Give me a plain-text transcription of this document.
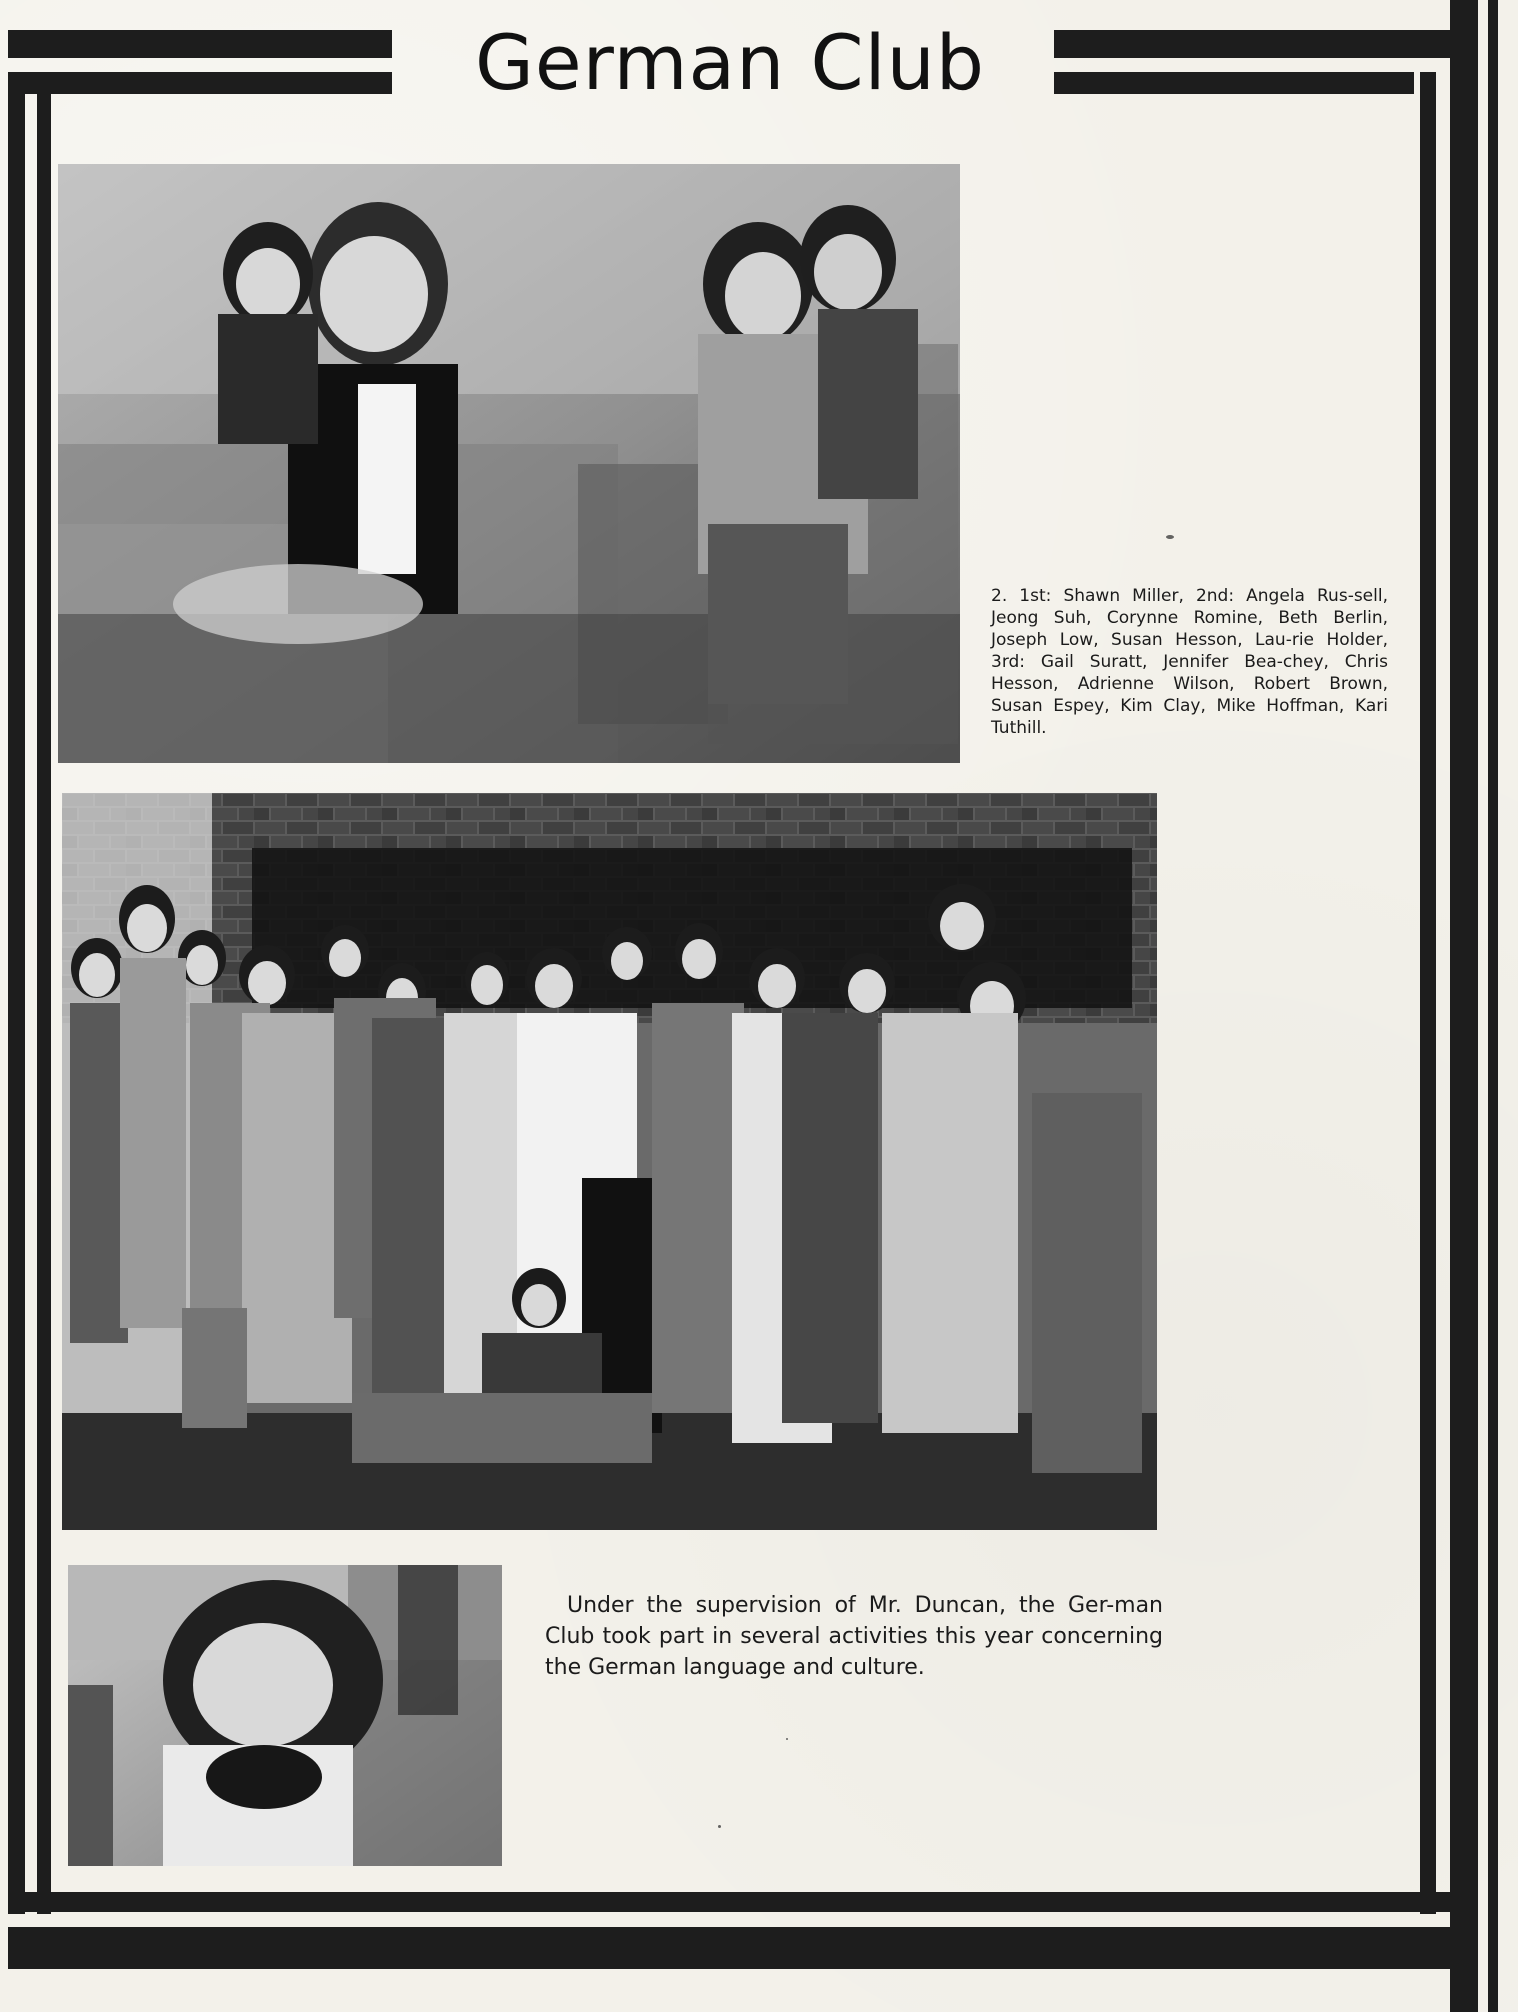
German Club
2. 1st: Shawn Miller, 2nd: Angela Rus-sell, Jeong Suh, Corynne Romine, Beth Berlin, Joseph Low, Susan Hesson, Lau-rie Holder, 3rd: Gail Suratt, Jennifer Bea-chey, Chris Hesson, Adrienne Wilson, Robert Brown, Susan Espey, Kim Clay, Mike Hoffman, Kari Tuthill.
Under the supervision of Mr. Duncan, the Ger-man Club took part in several activities this year concerning the German language and culture.
